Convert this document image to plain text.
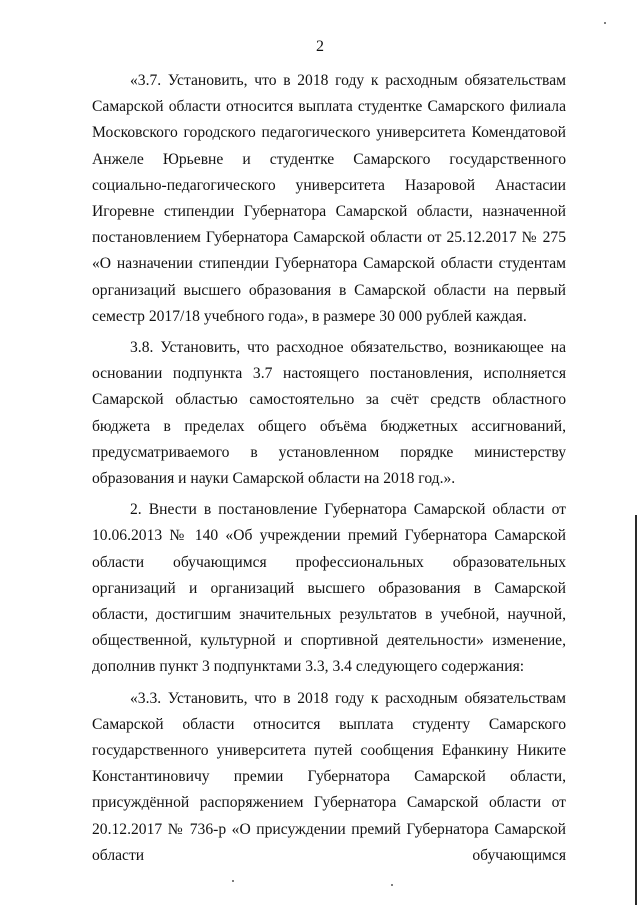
2

«3.7. Установить, что в 2018 году к расходным обязательствам Самарской области относится выплата студентке Самарского филиала Московского городского педагогического университета Комендатовой Анжеле Юрьевне и студентке Самарского государственного социально-педагогического университета Назаровой Анастасии Игоревне стипендии Губернатора Самарской области, назначенной постановлением Губернатора Самарской области от 25.12.2017 № 275 «О назначении стипендии Губернатора Самарской области студентам организаций высшего образования в Самарской области на первый семестр 2017/18 учебного года», в размере 30 000 рублей каждая.

3.8. Установить, что расходное обязательство, возникающее на основании подпункта 3.7 настоящего постановления, исполняется Самарской областью самостоятельно за счёт средств областного бюджета в пределах общего объёма бюджетных ассигнований, предусматриваемого в установленном порядке министерству образования и науки Самарской области на 2018 год.».

2. Внести в постановление Губернатора Самарской области от 10.06.2013 № 140 «Об учреждении премий Губернатора Самарской области обучающимся профессиональных образовательных организаций и организаций высшего образования в Самарской области, достигшим значительных результатов в учебной, научной, общественной, культурной и спортивной деятельности» изменение, дополнив пункт 3 подпунктами 3.3, 3.4 следующего содержания:

«3.3. Установить, что в 2018 году к расходным обязательствам Самарской области относится выплата студенту Самарского государственного университета путей сообщения Ефанкину Никите Константиновичу премии Губернатора Самарской области, присуждённой распоряжением Губернатора Самарской области от 20.12.2017 № 736-р «О присуждении премий Губернатора Самарской области обучающимся
